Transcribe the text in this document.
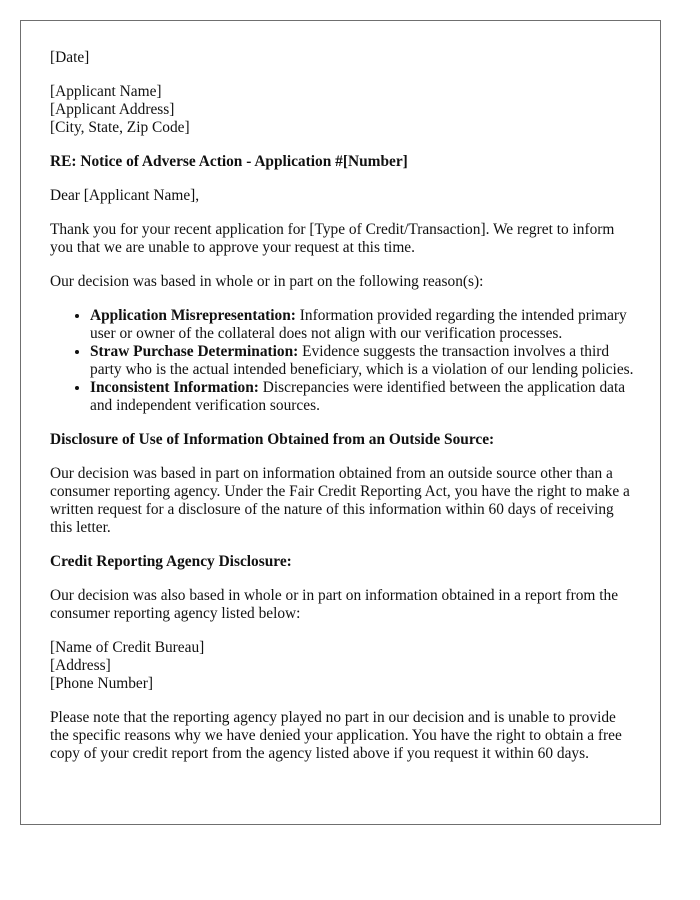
[Date]

[Applicant Name]
[Applicant Address]
[City, State, Zip Code]

RE: Notice of Adverse Action - Application #[Number]

Dear [Applicant Name],

Thank you for your recent application for [Type of Credit/Transaction]. We regret to inform you that we are unable to approve your request at this time.

Our decision was based in whole or in part on the following reason(s):

• Application Misrepresentation: Information provided regarding the intended primary user or owner of the collateral does not align with our verification processes.
• Straw Purchase Determination: Evidence suggests the transaction involves a third party who is the actual intended beneficiary, which is a violation of our lending policies.
• Inconsistent Information: Discrepancies were identified between the application data and independent verification sources.

Disclosure of Use of Information Obtained from an Outside Source:

Our decision was based in part on information obtained from an outside source other than a consumer reporting agency. Under the Fair Credit Reporting Act, you have the right to make a written request for a disclosure of the nature of this information within 60 days of receiving this letter.

Credit Reporting Agency Disclosure:

Our decision was also based in whole or in part on information obtained in a report from the consumer reporting agency listed below:

[Name of Credit Bureau]
[Address]
[Phone Number]

Please note that the reporting agency played no part in our decision and is unable to provide the specific reasons why we have denied your application. You have the right to obtain a free copy of your credit report from the agency listed above if you request it within 60 days.
